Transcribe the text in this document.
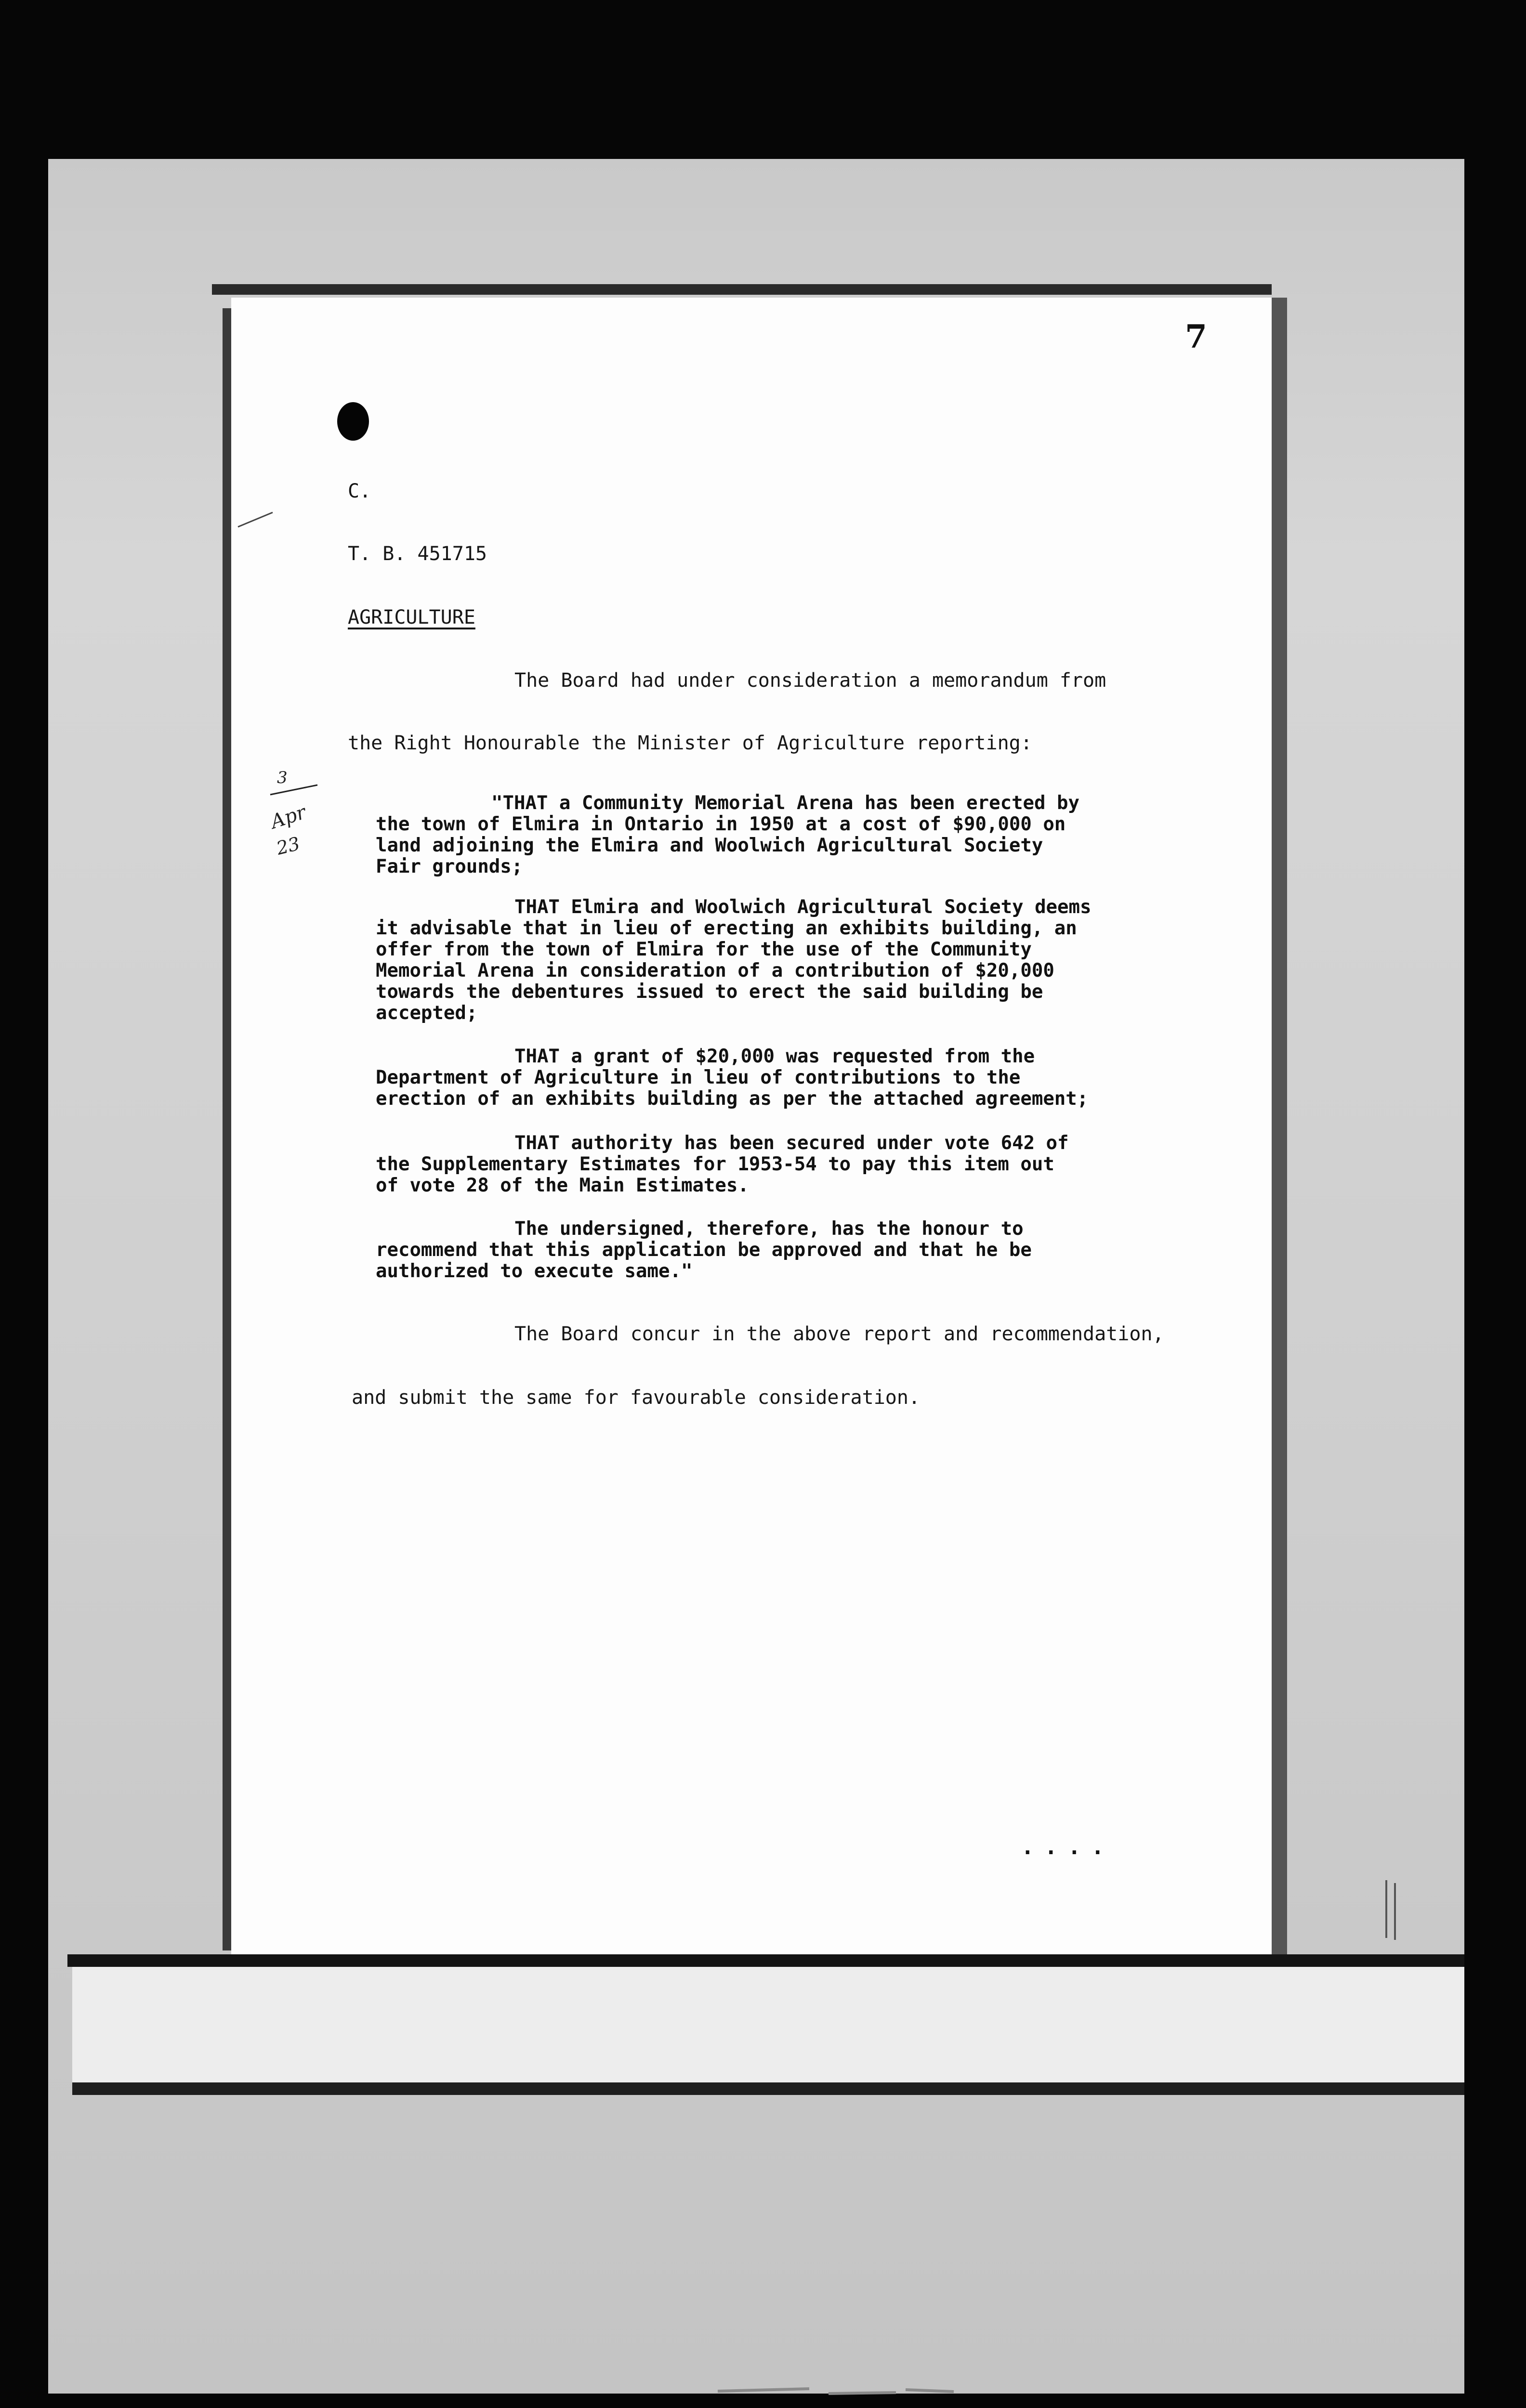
7
C.
T. B. 451715
AGRICULTURE
The Board had under consideration a memorandum from
the Right Honourable the Minister of Agriculture reporting:
3
Apr
23
"THAT a Community Memorial Arena has been erected by
the town of Elmira in Ontario in 1950 at a cost of $90,000 on
land adjoining the Elmira and Woolwich Agricultural Society
Fair grounds;
THAT Elmira and Woolwich Agricultural Society deems
it advisable that in lieu of erecting an exhibits building, an
offer from the town of Elmira for the use of the Community
Memorial Arena in consideration of a contribution of $20,000
towards the debentures issued to erect the said building be
accepted;
THAT a grant of $20,000 was requested from the
Department of Agriculture in lieu of contributions to the
erection of an exhibits building as per the attached agreement;
THAT authority has been secured under vote 642 of
the Supplementary Estimates for 1953-54 to pay this item out
of vote 28 of the Main Estimates.
The undersigned, therefore, has the honour to
recommend that this application be approved and that he be
authorized to execute same."
The Board concur in the above report and recommendation,
and submit the same for favourable consideration.
....
